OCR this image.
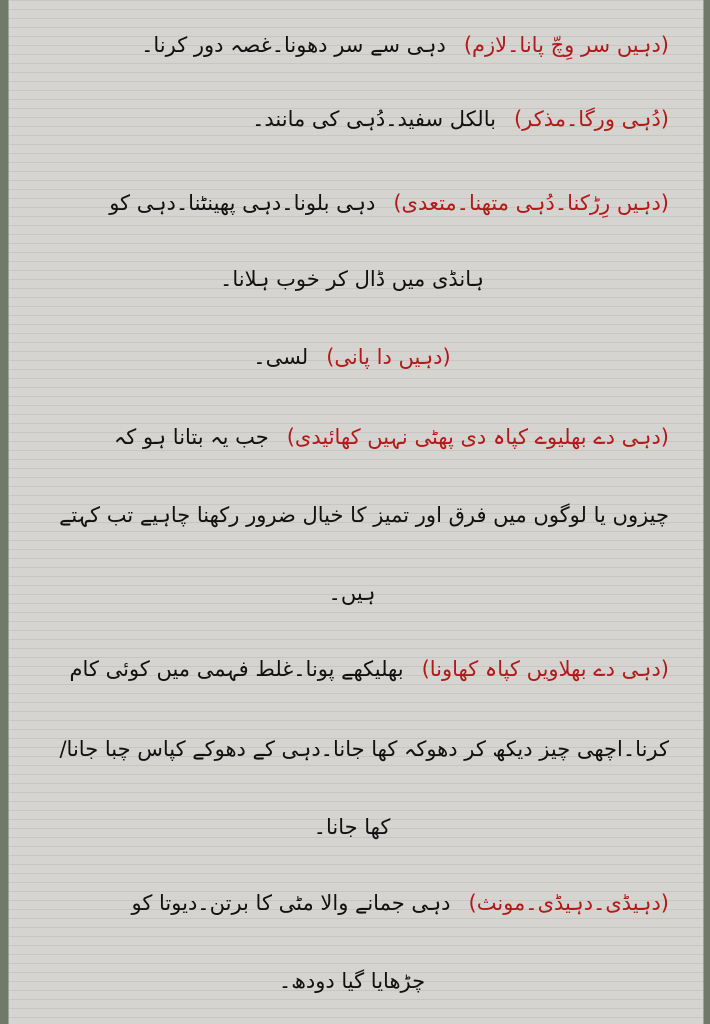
(دہیں سر وِچّ پانا۔لازم)دہی سے سر دھونا۔غصہ دور کرنا۔
(دُہی ورگا۔مذکر)بالکل سفید۔دُہی کی مانند۔
(دہیں رِڑکنا۔دُہی متھنا۔متعدی)دہی بلونا۔دہی پھینٹنا۔دہی کو
ہانڈی میں ڈال کر خوب ہلانا۔
(دہیں دا پانی)لسی۔
(دہی دے بھلیوے کپاہ دی پھٹی نہیں کھائیدی)جب یہ بتانا ہو کہ
چیزوں یا لوگوں میں فرق اور تمیز کا خیال ضرور رکھنا چاہیے تب کہتے
ہیں۔
(دہی دے بھلاویں کپاہ کھاونا)بھلیکھے پونا۔غلط فہمی میں کوئی کام
کرنا۔اچھی چیز دیکھ کر دھوکہ کھا جانا۔دہی کے دھوکے کپاس چبا جانا/
کھا جانا۔
(دہیڈی۔دہیڈی۔مونث)دہی جمانے والا مٹی کا برتن۔دیوتا کو
چڑھایا گیا دودھ۔
